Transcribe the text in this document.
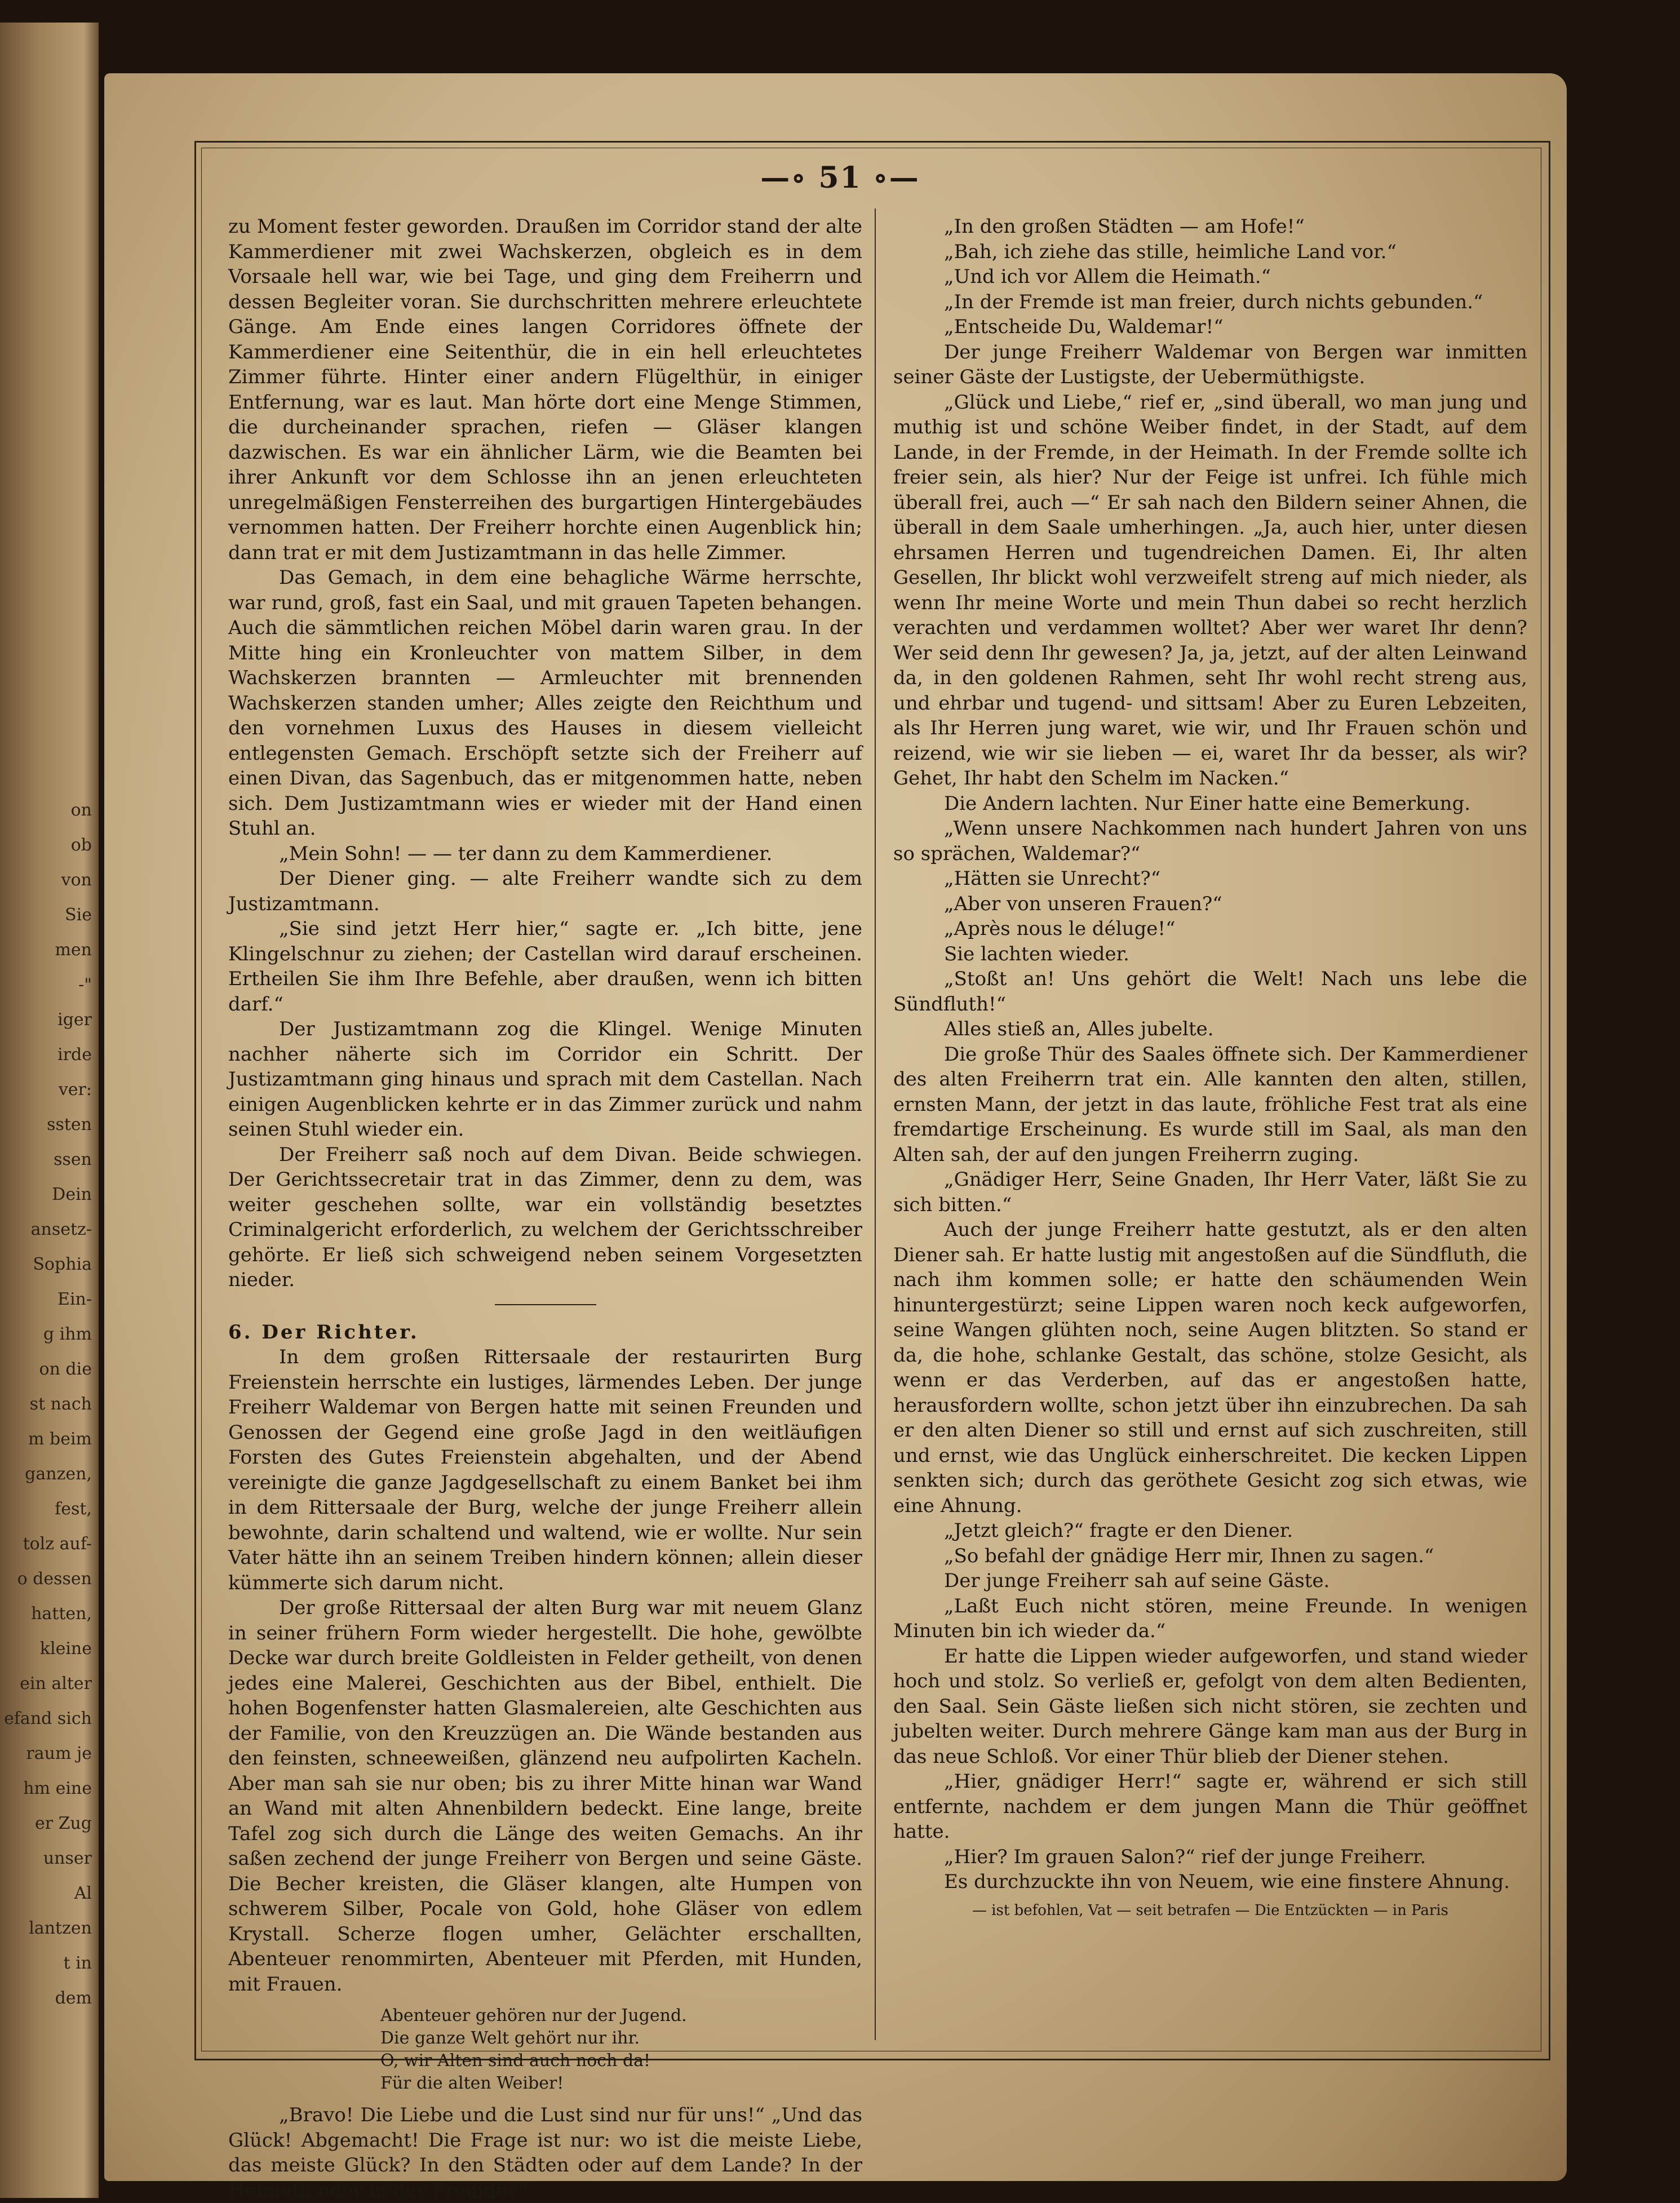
on
ob
von
Sie
men
-"
iger
irde
ver:
ssten
ssen
Dein
ansetz-
Sophia
Ein-
g ihm
on die
st nach
m beim
ganzen,
fest,
tolz auf-
o dessen
hatten,
kleine
ein alter
efand sich
raum je
hm eine
er Zug
unser
Al
lantzen
t in
dem
—∘ 51 ∘—

zu Moment fester geworden. Draußen im Corridor stand der alte Kammerdiener mit zwei Wachskerzen, obgleich es in dem Vorsaale hell war, wie bei Tage, und ging dem Freiherrn und dessen Begleiter voran. Sie durchschritten mehrere erleuchtete Gänge. Am Ende eines langen Corridores öffnete der Kammerdiener eine Seitenthür, die in ein hell erleuchtetes Zimmer führte. Hinter einer andern Flügelthür, in einiger Entfernung, war es laut. Man hörte dort eine Menge Stimmen, die durcheinander sprachen, riefen — Gläser klangen dazwischen. Es war ein ähnlicher Lärm, wie die Beamten bei ihrer Ankunft vor dem Schlosse ihn an jenen erleuchteten unregelmäßigen Fensterreihen des burgartigen Hintergebäudes vernommen hatten. Der Freiherr horchte einen Augenblick hin; dann trat er mit dem Justizamtmann in das helle Zimmer.

Das Gemach, in dem eine behagliche Wärme herrschte, war rund, groß, fast ein Saal, und mit grauen Tapeten behangen. Auch die sämmtlichen reichen Möbel darin waren grau. In der Mitte hing ein Kronleuchter von mattem Silber, in dem Wachskerzen brannten — Armleuchter mit brennenden Wachskerzen standen umher; Alles zeigte den Reichthum und den vornehmen Luxus des Hauses in diesem vielleicht entlegensten Gemach. Erschöpft setzte sich der Freiherr auf einen Divan, das Sagenbuch, das er mitgenommen hatte, neben sich. Dem Justizamtmann wies er wieder mit der Hand einen Stuhl an.

„Mein Sohn! — — ter dann zu dem Kammerdiener.

Der Diener ging. — alte Freiherr wandte sich zu dem Justizamtmann.

„Sie sind jetzt Herr hier,“ sagte er. „Ich bitte, jene Klingelschnur zu ziehen; der Castellan wird darauf erscheinen. Ertheilen Sie ihm Ihre Befehle, aber draußen, wenn ich bitten darf.“

Der Justizamtmann zog die Klingel. Wenige Minuten nachher näherte sich im Corridor ein Schritt. Der Justizamtmann ging hinaus und sprach mit dem Castellan. Nach einigen Augenblicken kehrte er in das Zimmer zurück und nahm seinen Stuhl wieder ein.

Der Freiherr saß noch auf dem Divan. Beide schwiegen. Der Gerichtssecretair trat in das Zimmer, denn zu dem, was weiter geschehen sollte, war ein vollständig besetztes Criminalgericht erforderlich, zu welchem der Gerichtsschreiber gehörte. Er ließ sich schweigend neben seinem Vorgesetzten nieder.

6. Der Richter.

In dem großen Rittersaale der restaurirten Burg Freienstein herrschte ein lustiges, lärmendes Leben. Der junge Freiherr Waldemar von Bergen hatte mit seinen Freunden und Genossen der Gegend eine große Jagd in den weitläufigen Forsten des Gutes Freienstein abgehalten, und der Abend vereinigte die ganze Jagdgesellschaft zu einem Banket bei ihm in dem Rittersaale der Burg, welche der junge Freiherr allein bewohnte, darin schaltend und waltend, wie er wollte. Nur sein Vater hätte ihn an seinem Treiben hindern können; allein dieser kümmerte sich darum nicht.

Der große Rittersaal der alten Burg war mit neuem Glanz in seiner frühern Form wieder hergestellt. Die hohe, gewölbte Decke war durch breite Goldleisten in Felder getheilt, von denen jedes eine Malerei, Geschichten aus der Bibel, enthielt. Die hohen Bogenfenster hatten Glasmalereien, alte Geschichten aus der Familie, von den Kreuzzügen an. Die Wände bestanden aus den feinsten, schneeweißen, glänzend neu aufpolirten Kacheln. Aber man sah sie nur oben; bis zu ihrer Mitte hinan war Wand an Wand mit alten Ahnenbildern bedeckt. Eine lange, breite Tafel zog sich durch die Länge des weiten Gemachs. An ihr saßen zechend der junge Freiherr von Bergen und seine Gäste. Die Becher kreisten, die Gläser klangen, alte Humpen von schwerem Silber, Pocale von Gold, hohe Gläser von edlem Krystall. Scherze flogen umher, Gelächter erschallten, Abenteuer renommirten, Abenteuer mit Pferden, mit Hunden, mit Frauen.

Abenteuer gehören nur der Jugend.
Die ganze Welt gehört nur ihr.
O, wir Alten sind auch noch da!
Für die alten Weiber!

„Bravo! Die Liebe und die Lust sind nur für uns!“ „Und das Glück! Abgemacht! Die Frage ist nur: wo ist die meiste Liebe, das meiste Glück? In den Städten oder auf dem Lande? In der Heimath oder in der Fremde?“

„In den großen Städten — am Hofe!“

„Bah, ich ziehe das stille, heimliche Land vor.“

„Und ich vor Allem die Heimath.“

„In der Fremde ist man freier, durch nichts gebunden.“

„Entscheide Du, Waldemar!“

Der junge Freiherr Waldemar von Bergen war inmitten seiner Gäste der Lustigste, der Uebermüthigste.

„Glück und Liebe,“ rief er, „sind überall, wo man jung und muthig ist und schöne Weiber findet, in der Stadt, auf dem Lande, in der Fremde, in der Heimath. In der Fremde sollte ich freier sein, als hier? Nur der Feige ist unfrei. Ich fühle mich überall frei, auch —“ Er sah nach den Bildern seiner Ahnen, die überall in dem Saale umherhingen. „Ja, auch hier, unter diesen ehrsamen Herren und tugendreichen Damen. Ei, Ihr alten Gesellen, Ihr blickt wohl verzweifelt streng auf mich nieder, als wenn Ihr meine Worte und mein Thun dabei so recht herzlich verachten und verdammen wolltet? Aber wer waret Ihr denn? Wer seid denn Ihr gewesen? Ja, ja, jetzt, auf der alten Leinwand da, in den goldenen Rahmen, seht Ihr wohl recht streng aus, und ehrbar und tugend- und sittsam! Aber zu Euren Lebzeiten, als Ihr Herren jung waret, wie wir, und Ihr Frauen schön und reizend, wie wir sie lieben — ei, waret Ihr da besser, als wir? Gehet, Ihr habt den Schelm im Nacken.“

Die Andern lachten. Nur Einer hatte eine Bemerkung.

„Wenn unsere Nachkommen nach hundert Jahren von uns so sprächen, Waldemar?“

„Hätten sie Unrecht?“

„Aber von unseren Frauen?“

„Après nous le déluge!“

Sie lachten wieder.

„Stoßt an! Uns gehört die Welt! Nach uns lebe die Sündfluth!“

Alles stieß an, Alles jubelte.

Die große Thür des Saales öffnete sich. Der Kammerdiener des alten Freiherrn trat ein. Alle kannten den alten, stillen, ernsten Mann, der jetzt in das laute, fröhliche Fest trat als eine fremdartige Erscheinung. Es wurde still im Saal, als man den Alten sah, der auf den jungen Freiherrn zuging.

„Gnädiger Herr, Seine Gnaden, Ihr Herr Vater, läßt Sie zu sich bitten.“

Auch der junge Freiherr hatte gestutzt, als er den alten Diener sah. Er hatte lustig mit angestoßen auf die Sündfluth, die nach ihm kommen solle; er hatte den schäumenden Wein hinuntergestürzt; seine Lippen waren noch keck aufgeworfen, seine Wangen glühten noch, seine Augen blitzten. So stand er da, die hohe, schlanke Gestalt, das schöne, stolze Gesicht, als wenn er das Verderben, auf das er angestoßen hatte, herausfordern wollte, schon jetzt über ihn einzubrechen. Da sah er den alten Diener so still und ernst auf sich zuschreiten, still und ernst, wie das Unglück einherschreitet. Die kecken Lippen senkten sich; durch das geröthete Gesicht zog sich etwas, wie eine Ahnung.

„Jetzt gleich?“ fragte er den Diener.

„So befahl der gnädige Herr mir, Ihnen zu sagen.“

Der junge Freiherr sah auf seine Gäste.

„Laßt Euch nicht stören, meine Freunde. In wenigen Minuten bin ich wieder da.“

Er hatte die Lippen wieder aufgeworfen, und stand wieder hoch und stolz. So verließ er, gefolgt von dem alten Bedienten, den Saal. Sein Gäste ließen sich nicht stören, sie zechten und jubelten weiter. Durch mehrere Gänge kam man aus der Burg in das neue Schloß. Vor einer Thür blieb der Diener stehen.

„Hier, gnädiger Herr!“ sagte er, während er sich still entfernte, nachdem er dem jungen Mann die Thür geöffnet hatte.

„Hier? Im grauen Salon?“ rief der junge Freiherr.

Es durchzuckte ihn von Neuem, wie eine finstere Ahnung.

— ist befohlen, Vat — seit betrafen — Die Entzückten — in Paris
